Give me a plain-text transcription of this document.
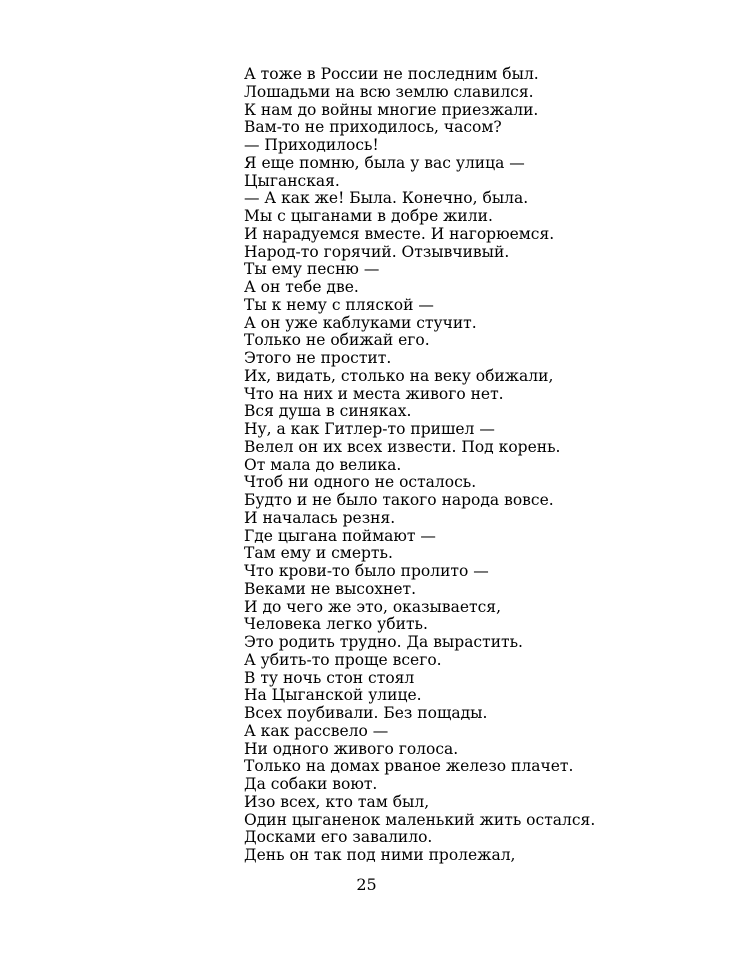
А тоже в России не последним был.
Лошадьми на всю землю славился.
К нам до войны многие приезжали.
Вам-то не приходилось, часом?
— Приходилось!
Я еще помню, была у вас улица —
Цыганская.
— А как же! Была. Конечно, была.
Мы с цыганами в добре жили.
И нарадуемся вместе. И нагорюемся.
Народ-то горячий. Отзывчивый.
Ты ему песню —
А он тебе две.
Ты к нему с пляской —
А он уже каблуками стучит.
Только не обижай его.
Этого не простит.
Их, видать, столько на веку обижали,
Что на них и места живого нет.
Вся душа в синяках.
Ну, а как Гитлер-то пришел —
Велел он их всех извести. Под корень.
От мала до велика.
Чтоб ни одного не осталось.
Будто и не было такого народа вовсе.
И началась резня.
Где цыгана поймают —
Там ему и смерть.
Что крови-то было пролито —
Веками не высохнет.
И до чего же это, оказывается,
Человека легко убить.
Это родить трудно. Да вырастить.
А убить-то проще всего.
В ту ночь стон стоял
На Цыганской улице.
Всех поубивали. Без пощады.
А как рассвело —
Ни одного живого голоса.
Только на домах рваное железо плачет.
Да собаки воют.
Изо всех, кто там был,
Один цыганенок маленький жить остался.
Досками его завалило.
День он так под ними пролежал,
25
